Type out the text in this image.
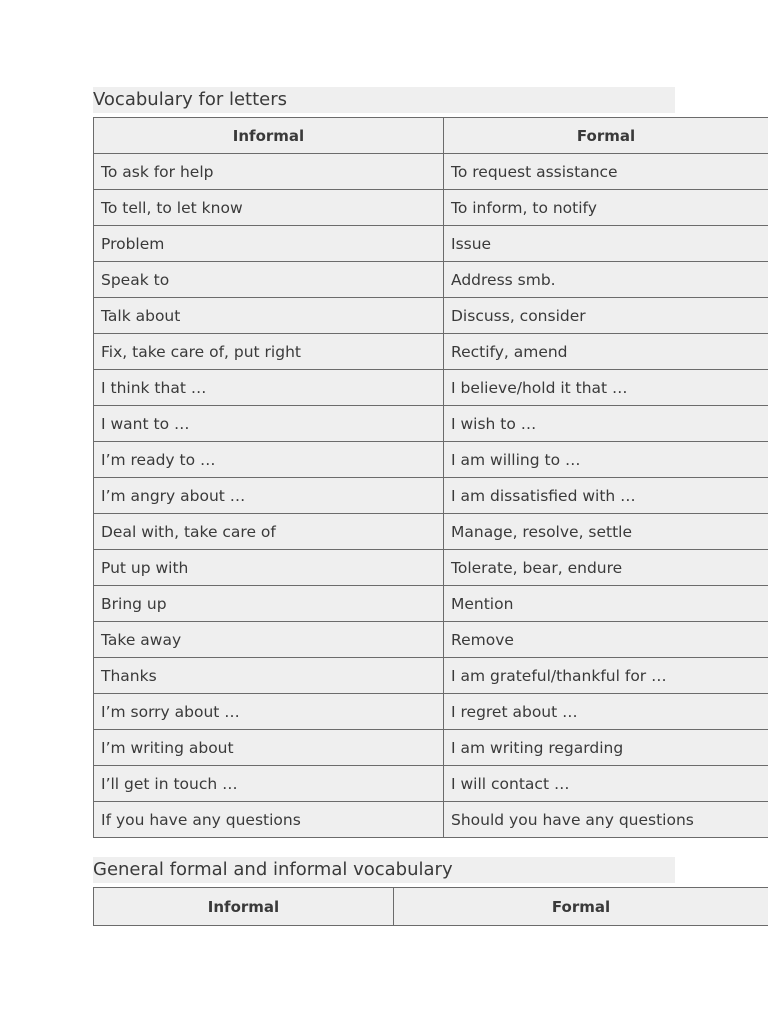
Vocabulary for letters
Informal	Formal
To ask for help	To request assistance
To tell, to let know	To inform, to notify
Problem	Issue
Speak to	Address smb.
Talk about	Discuss, consider
Fix, take care of, put right	Rectify, amend
I think that …	I believe/hold it that …
I want to …	I wish to …
I’m ready to …	I am willing to …
I’m angry about …	I am dissatisfied with …
Deal with, take care of	Manage, resolve, settle
Put up with	Tolerate, bear, endure
Bring up	Mention
Take away	Remove
Thanks	I am grateful/thankful for …
I’m sorry about …	I regret about …
I’m writing about	I am writing regarding
I’ll get in touch …	I will contact …
If you have any questions	Should you have any questions
General formal and informal vocabulary
Informal	Formal
